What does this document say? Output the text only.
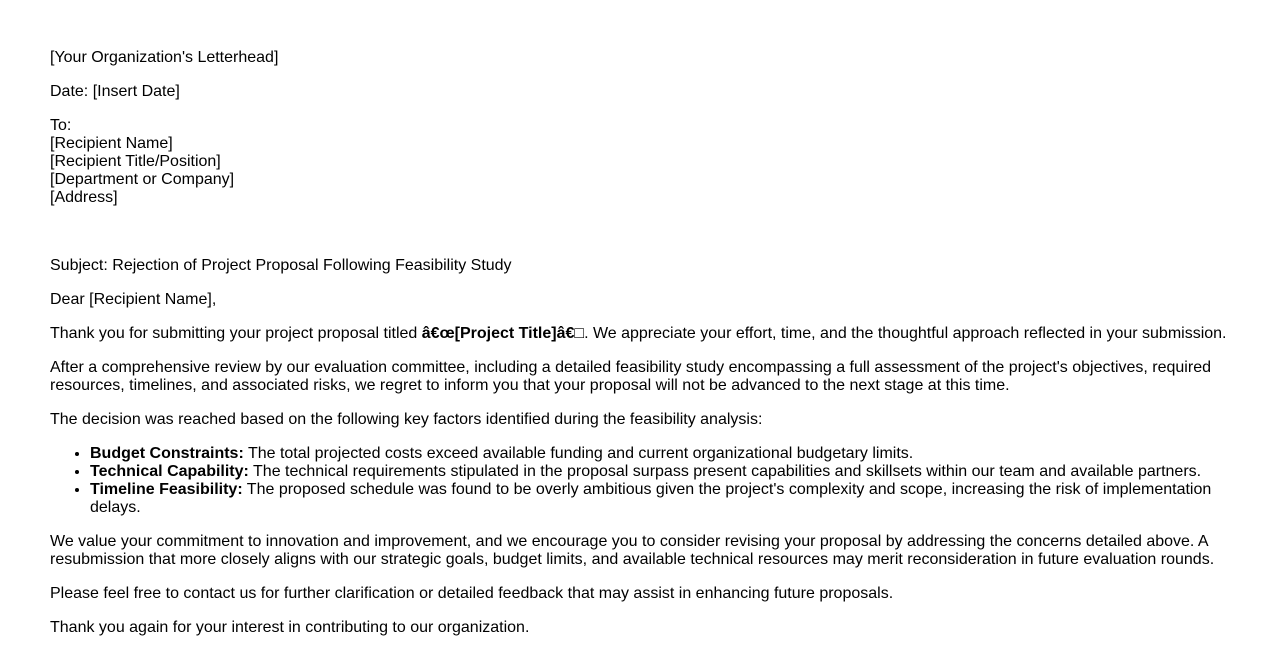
[Your Organization's Letterhead]

Date: [Insert Date]

To:
[Recipient Name]
[Recipient Title/Position]
[Department or Company]
[Address]

Subject: Rejection of Project Proposal Following Feasibility Study

Dear [Recipient Name],

Thank you for submitting your project proposal titled â€œ[Project Title]â€□. We appreciate your effort, time, and the thoughtful approach reflected in your submission.

After a comprehensive review by our evaluation committee, including a detailed feasibility study encompassing a full assessment of the project's objectives, required resources, timelines, and associated risks, we regret to inform you that your proposal will not be advanced to the next stage at this time.

The decision was reached based on the following key factors identified during the feasibility analysis:

• Budget Constraints: The total projected costs exceed available funding and current organizational budgetary limits.
• Technical Capability: The technical requirements stipulated in the proposal surpass present capabilities and skillsets within our team and available partners.
• Timeline Feasibility: The proposed schedule was found to be overly ambitious given the project's complexity and scope, increasing the risk of implementation delays.

We value your commitment to innovation and improvement, and we encourage you to consider revising your proposal by addressing the concerns detailed above. A resubmission that more closely aligns with our strategic goals, budget limits, and available technical resources may merit reconsideration in future evaluation rounds.

Please feel free to contact us for further clarification or detailed feedback that may assist in enhancing future proposals.

Thank you again for your interest in contributing to our organization.
